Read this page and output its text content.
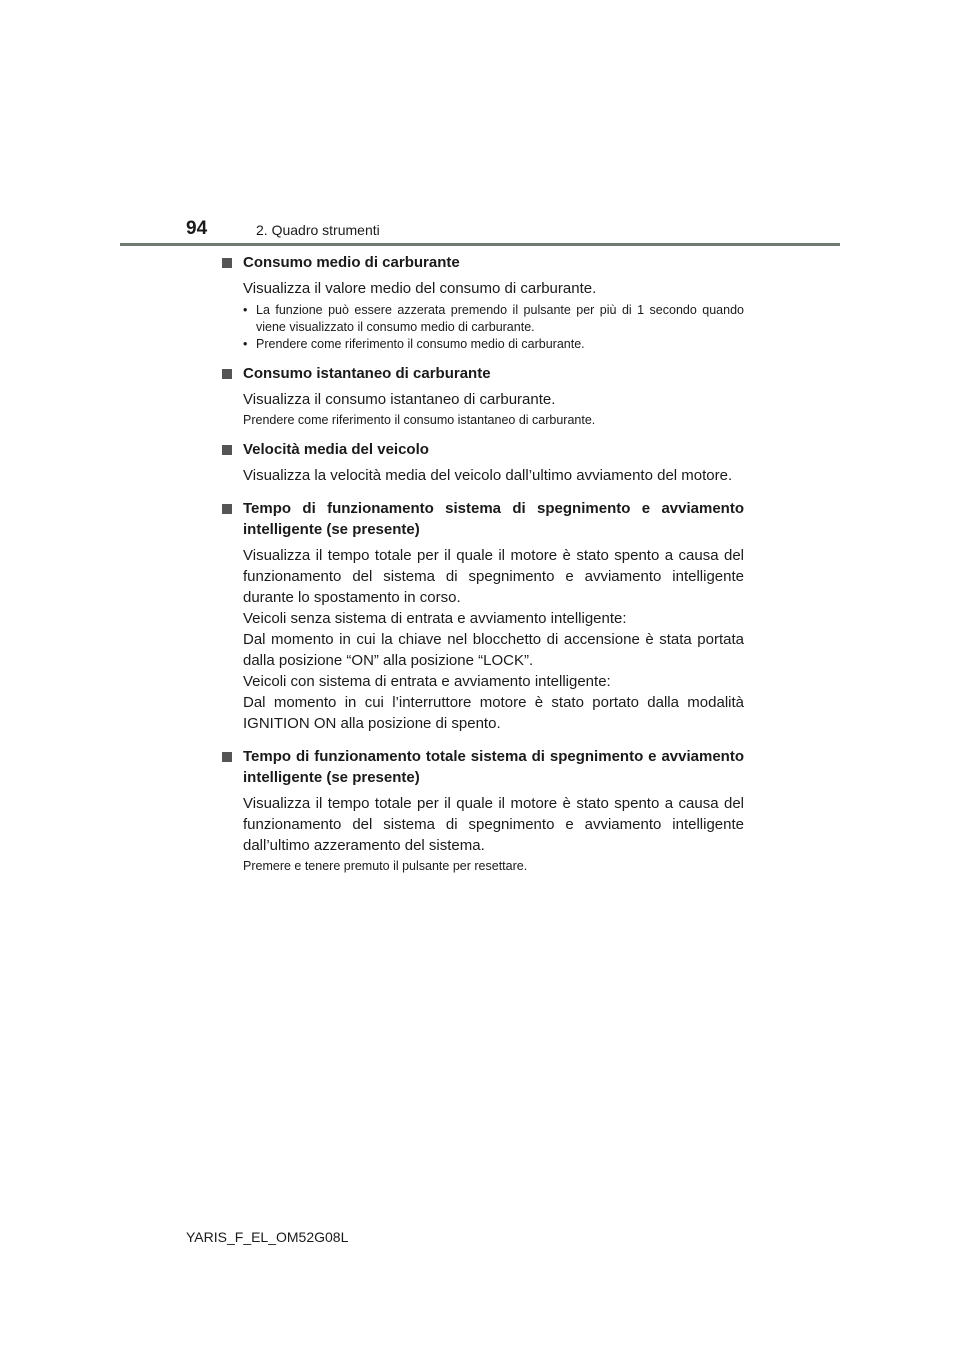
94	2. Quadro strumenti
Consumo medio di carburante
Visualizza il valore medio del consumo di carburante.
• La funzione può essere azzerata premendo il pulsante per più di 1 secondo quando viene visualizzato il consumo medio di carburante.
• Prendere come riferimento il consumo medio di carburante.
Consumo istantaneo di carburante
Visualizza il consumo istantaneo di carburante.
Prendere come riferimento il consumo istantaneo di carburante.
Velocità media del veicolo
Visualizza la velocità media del veicolo dall’ultimo avviamento del motore.
Tempo di funzionamento sistema di spegnimento e avviamento intelligente (se presente)
Visualizza il tempo totale per il quale il motore è stato spento a causa del funzionamento del sistema di spegnimento e avviamento intelligente durante lo spostamento in corso.
Veicoli senza sistema di entrata e avviamento intelligente:
Dal momento in cui la chiave nel blocchetto di accensione è stata portata dalla posizione “ON” alla posizione “LOCK”.
Veicoli con sistema di entrata e avviamento intelligente:
Dal momento in cui l’interruttore motore è stato portato dalla modalità IGNITION ON alla posizione di spento.
Tempo di funzionamento totale sistema di spegnimento e avviamento intelligente (se presente)
Visualizza il tempo totale per il quale il motore è stato spento a causa del funzionamento del sistema di spegnimento e avviamento intelligente dall’ultimo azzeramento del sistema.
Premere e tenere premuto il pulsante per resettare.
YARIS_F_EL_OM52G08L
